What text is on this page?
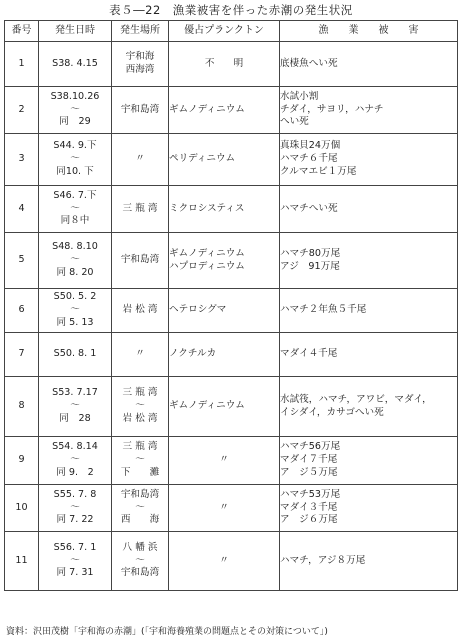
表５―22　漁業被害を伴った赤潮の発生状況
番号	発生日時	発生場所	優占プランクトン	漁　　業　　被　　害

1	S38. 4.15	宇和海
西海湾	不　　明	底棲魚へい死

2	S38.10.26
〜
同　29	宇和島湾	ギムノディニウム	水試小割
チダイ，サヨリ，ハナチ
へい死

3	S44. 9.下
〜
同10. 下	〃	ペリディニウム	真珠貝24万個
ハマチ６千尾
クルマエビ１万尾

4	S46. 7.下
〜
同８中	三 瓶 湾	ミクロシスティス	ハマチへい死

5	S48. 8.10
〜
同 8. 20	宇和島湾	ギムノディニウム
ハプロディニウム	ハマチ80万尾
アジ　91万尾

6	S50. 5. 2
〜
同 5. 13	岩 松 湾	ヘテロシグマ	ハマチ２年魚５千尾

7	S50. 8. 1	〃	ノクチルカ	マダイ４千尾

8	S53. 7.17
〜
同　28	三 瓶 湾
〜
岩 松 湾	ギムノディニウム	水試筏，ハマチ，アワビ，マダイ，
イシダイ，カサゴへい死

9	S54. 8.14
〜
同 9.　2	三 瓶 湾
〜
下　　灘	〃	ハマチ56万尾
マダイ７千尾
ア　ジ５万尾

10	S55. 7. 8
〜
同 7. 22	宇和島湾
〜
西　　海	〃	ハマチ53万尾
マダイ３千尾
ア　ジ６万尾

11	S56. 7. 1
〜
同 7. 31	八 幡 浜
〜
宇和島湾	〃	ハマチ，アジ８万尾
資料：沢田茂樹「宇和海の赤潮」(「宇和海養殖業の問題点とその対策について」)
